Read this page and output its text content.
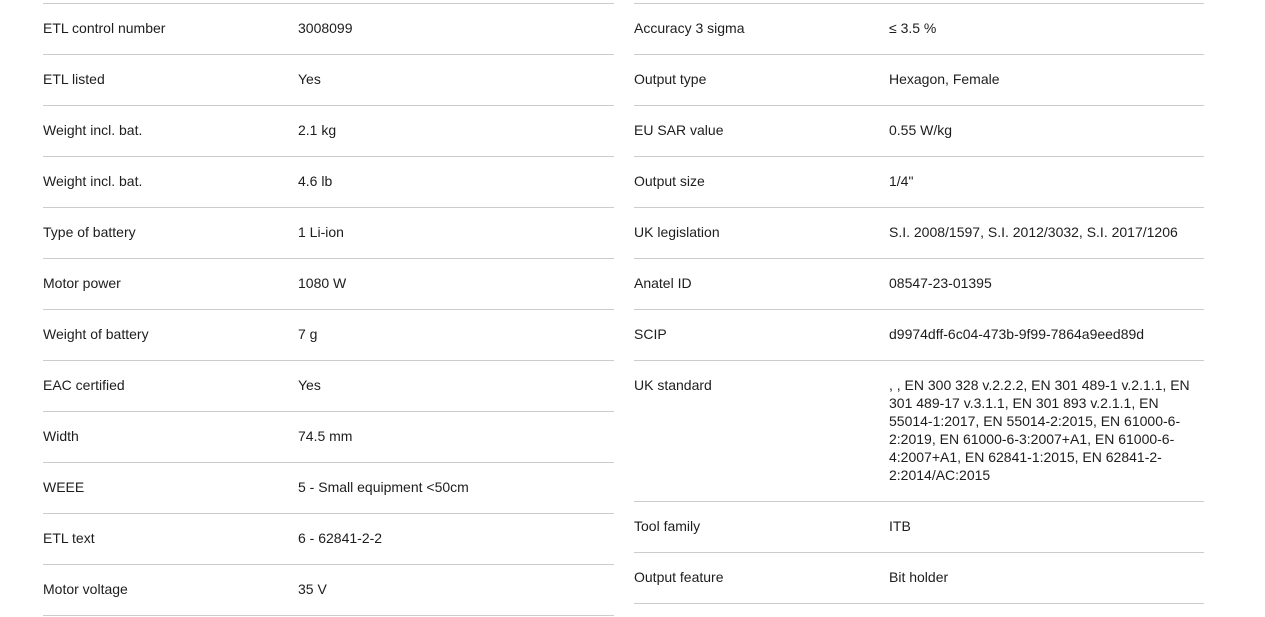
ETL control number	3008099
ETL listed	Yes
Weight incl. bat.	2.1 kg
Weight incl. bat.	4.6 lb
Type of battery	1 Li-ion
Motor power	1080 W
Weight of battery	7 g
EAC certified	Yes
Width	74.5 mm
WEEE	5 - Small equipment <50cm
ETL text	6 - 62841-2-2
Motor voltage	35 V
Accuracy 3 sigma	≤ 3.5 %
Output type	Hexagon, Female
EU SAR value	0.55 W/kg
Output size	1/4"
UK legislation	S.I. 2008/1597, S.I. 2012/3032, S.I. 2017/1206
Anatel ID	08547-23-01395
SCIP	d9974dff-6c04-473b-9f99-7864a9eed89d
UK standard	, , EN 300 328 v.2.2.2, EN 301 489-1 v.2.1.1, EN 301 489-17 v.3.1.1, EN 301 893 v.2.1.1, EN 55014-1:2017, EN 55014-2:2015, EN 61000-6-2:2019, EN 61000-6-3:2007+A1, EN 61000-6-4:2007+A1, EN 62841-1:2015, EN 62841-2-2:2014/AC:2015
Tool family	ITB
Output feature	Bit holder
